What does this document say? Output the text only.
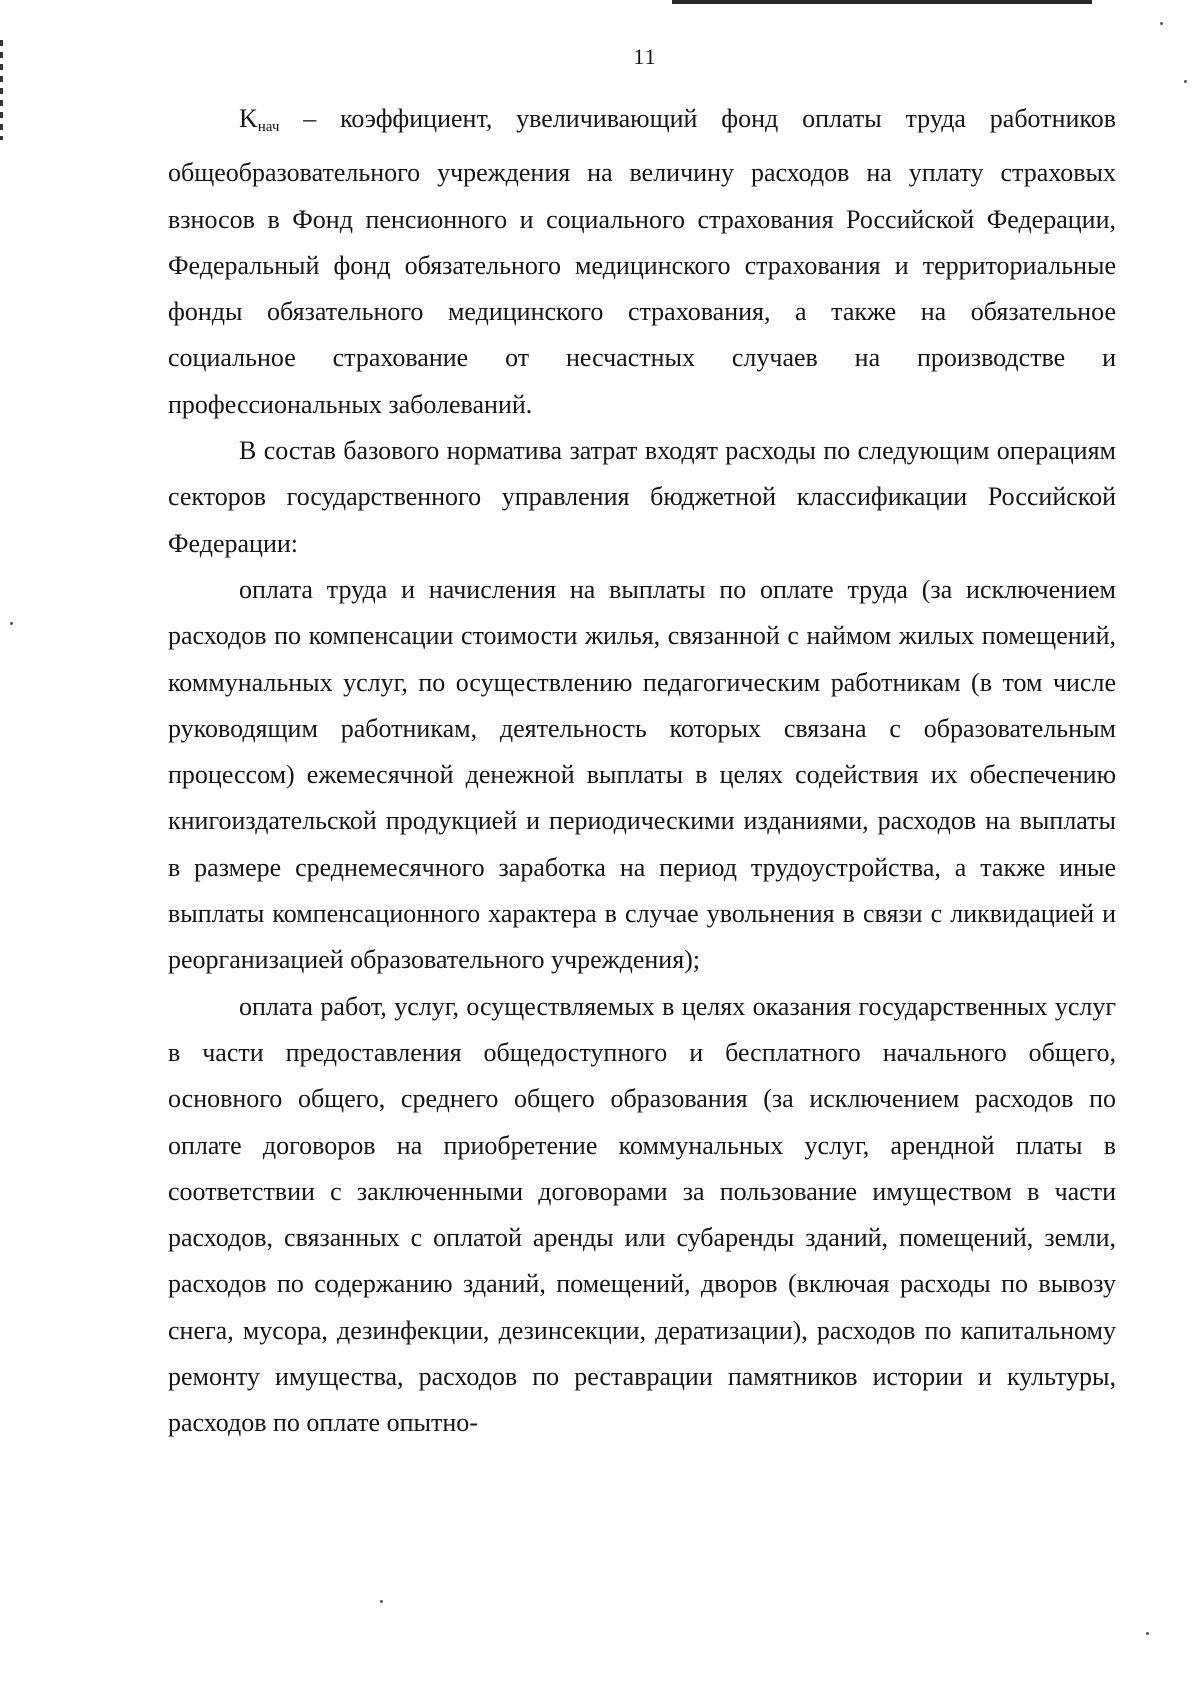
11

$K_{нач}$ – коэффициент, увеличивающий фонд оплаты труда работников общеобразовательного учреждения на величину расходов на уплату страховых взносов в Фонд пенсионного и социального страхования Российской Федерации, Федеральный фонд обязательного медицинского страхования и территориальные фонды обязательного медицинского страхования, а также на обязательное социальное страхование от несчастных случаев на производстве и профессиональных заболеваний.

В состав базового норматива затрат входят расходы по следующим операциям секторов государственного управления бюджетной классификации Российской Федерации:

оплата труда и начисления на выплаты по оплате труда (за исключением расходов по компенсации стоимости жилья, связанной с наймом жилых помещений, коммунальных услуг, по осуществлению педагогическим работникам (в том числе руководящим работникам, деятельность которых связана с образовательным процессом) ежемесячной денежной выплаты в целях содействия их обеспечению книгоиздательской продукцией и периодическими изданиями, расходов на выплаты в размере среднемесячного заработка на период трудоустройства, а также иные выплаты компенсационного характера в случае увольнения в связи с ликвидацией и реорганизацией образовательного учреждения);

оплата работ, услуг, осуществляемых в целях оказания государственных услуг в части предоставления общедоступного и бесплатного начального общего, основного общего, среднего общего образования (за исключением расходов по оплате договоров на приобретение коммунальных услуг, арендной платы в соответствии с заключенными договорами за пользование имуществом в части расходов, связанных с оплатой аренды или субаренды зданий, помещений, земли, расходов по содержанию зданий, помещений, дворов (включая расходы по вывозу снега, мусора, дезинфекции, дезинсекции, дератизации), расходов по капитальному ремонту имущества, расходов по реставрации памятников истории и культуры, расходов по оплате опытно-
